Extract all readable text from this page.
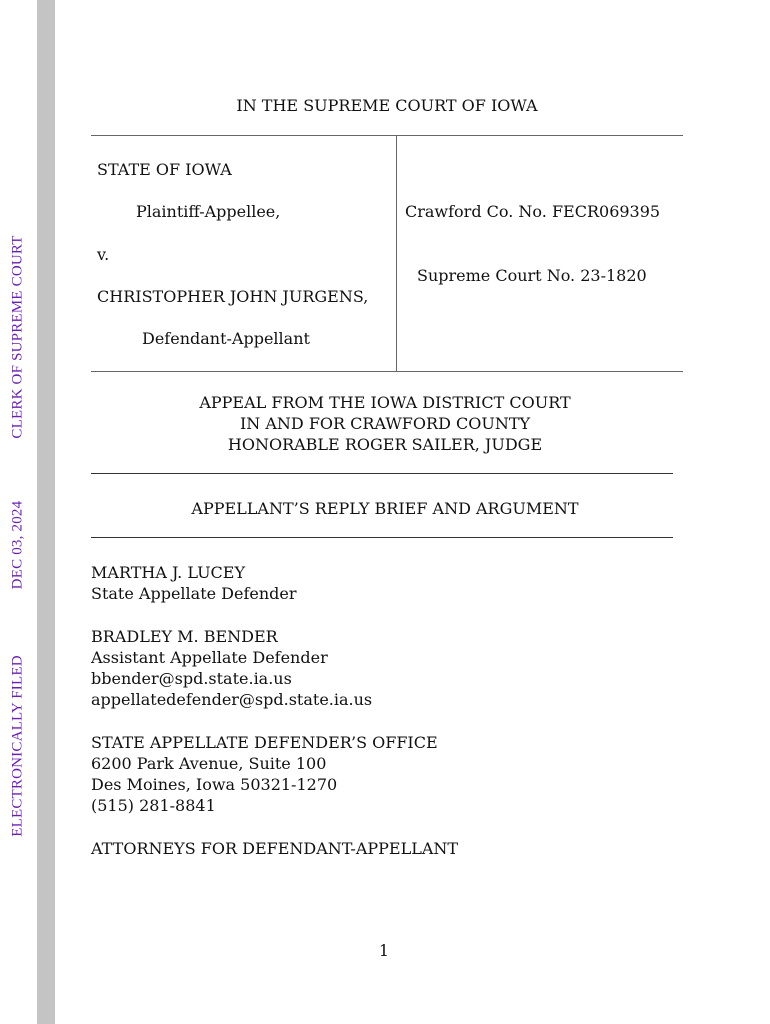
CLERK OF SUPREME COURT
DEC 03, 2024
ELECTRONICALLY FILED
IN THE SUPREME COURT OF IOWA
STATE OF IOWA
Plaintiff-Appellee,
v.
CHRISTOPHER JOHN JURGENS,
Defendant-Appellant
Crawford Co. No. FECR069395
Supreme Court No. 23-1820
APPEAL FROM THE IOWA DISTRICT COURT
IN AND FOR CRAWFORD COUNTY
HONORABLE ROGER SAILER, JUDGE
APPELLANT’S REPLY BRIEF AND ARGUMENT
MARTHA J. LUCEY
State Appellate Defender
BRADLEY M. BENDER
Assistant Appellate Defender
bbender@spd.state.ia.us
appellatedefender@spd.state.ia.us
STATE APPELLATE DEFENDER’S OFFICE
6200 Park Avenue, Suite 100
Des Moines, Iowa 50321-1270
(515) 281-8841
ATTORNEYS FOR DEFENDANT-APPELLANT
1
